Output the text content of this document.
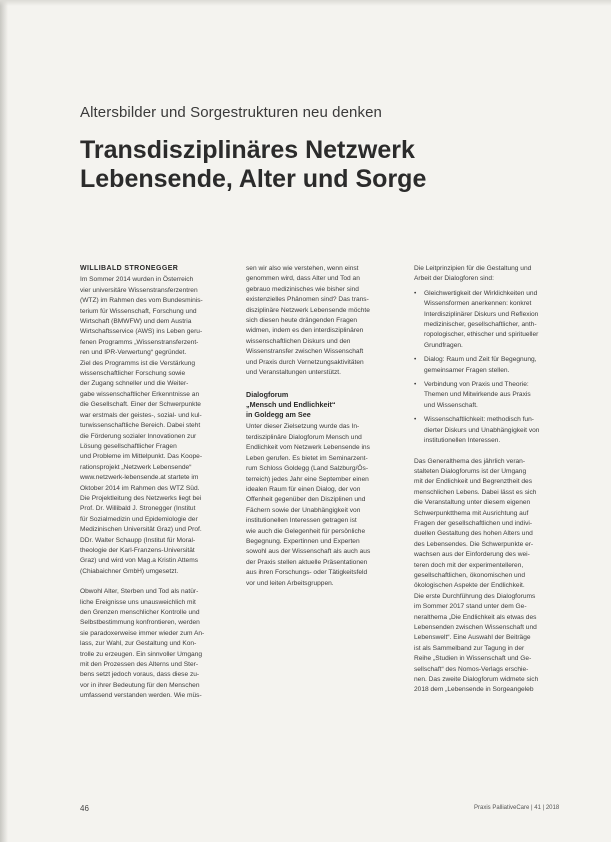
Altersbilder und Sorgestrukturen neu denken
Transdisziplinäres Netzwerk
Lebensende, Alter und Sorge
WILLIBALD STRONEGGER

Im Sommer 2014 wurden in Österreich
vier universitäre Wissenstransferzentren
(WTZ) im Rahmen des vom Bundesminis-
terium für Wissenschaft, Forschung und
Wirtschaft (BMWFW) und dem Austria
Wirtschaftsservice (AWS) ins Leben geru-
fenen Programms „Wissenstransferzent-
ren und IPR-Verwertung“ gegründet.
Ziel des Programms ist die Verstärkung
wissenschaftlicher Forschung sowie
der Zugang schneller und die Weiter-
gabe wissenschaftlicher Erkenntnisse an
die Gesellschaft. Einer der Schwerpunkte
war erstmals der geistes-, sozial- und kul-
turwissenschaftliche Bereich. Dabei steht
die Förderung sozialer Innovationen zur
Lösung gesellschaftlicher Fragen
und Probleme im Mittelpunkt. Das Koope-
rationsprojekt „Netzwerk Lebensende“
www.netzwerk-lebensende.at startete im
Oktober 2014 im Rahmen des WTZ Süd.
Die Projektleitung des Netzwerks liegt bei
Prof. Dr. Willibald J. Stronegger (Institut
für Sozialmedizin und Epidemiologie der
Medizinischen Universität Graz) und Prof.
DDr. Walter Schaupp (Institut für Moral-
theologie der Karl-Franzens-Universität
Graz) und wird von Mag.a Kristin Attems
(Chiabaichner GmbH) umgesetzt.

Obwohl Alter, Sterben und Tod als natür-
liche Ereignisse uns unausweichlich mit
den Grenzen menschlicher Kontrolle und
Selbstbestimmung konfrontieren, werden
sie paradoxerweise immer wieder zum An-
lass, zur Wahl, zur Gestaltung und Kon-
trolle zu erzeugen. Ein sinnvoller Umgang
mit den Prozessen des Alterns und Ster-
bens setzt jedoch voraus, dass diese zu-
vor in ihrer Bedeutung für den Menschen
umfassend verstanden werden. Wie müs-

sen wir also wie verstehen, wenn einst
genommen wird, dass Alter und Tod an
gebrauo medizinisches wie bisher sind
existenzielles Phänomen sind? Das trans-
disziplinäre Netzwerk Lebensende möchte
sich diesen heute drängenden Fragen
widmen, indem es den interdisziplinären
wissenschaftlichen Diskurs und den
Wissenstransfer zwischen Wissenschaft
und Praxis durch Vernetzungsaktivitäten
und Veranstaltungen unterstützt.

Dialogforum
„Mensch und Endlichkeit“
in Goldegg am See

Unter dieser Zielsetzung wurde das In-
terdisziplinäre Dialogforum Mensch und
Endlichkeit vom Netzwerk Lebensende ins
Leben gerufen. Es bietet im Seminarzent-
rum Schloss Goldegg (Land Salzburg/Ös-
terreich) jedes Jahr eine September einen
idealen Raum für einen Dialog, der von
Offenheit gegenüber den Disziplinen und
Fächern sowie der Unabhängigkeit von
institutionellen Interessen getragen ist
wie auch die Gelegenheit für persönliche
Begegnung. Expertinnen und Experten
sowohl aus der Wissenschaft als auch aus
der Praxis stellen aktuelle Präsentationen
aus ihren Forschungs- oder Tätigkeitsfeld
vor und leiten Arbeitsgruppen.

Die Leitprinzipien für die Gestaltung und
Arbeit der Dialogforen sind:

• Gleichwertigkeit der Wirklichkeiten und
Wissensformen anerkennen: konkret
Interdisziplinärer Diskurs und Reflexion
medizinischer, gesellschaftlicher, anth-
ropologischer, ethischer und spiritueller
Grundfragen.
• Dialog: Raum und Zeit für Begegnung,
gemeinsamer Fragen stellen.
• Verbindung von Praxis und Theorie:
Themen und Mitwirkende aus Praxis
und Wissenschaft.
• Wissenschaftlichkeit: methodisch fun-
dierter Diskurs und Unabhängigkeit von
institutionellen Interessen.

Das Generalthema des jährlich veran-
stalteten Dialogforums ist der Umgang
mit der Endlichkeit und Begrenztheit des
menschlichen Lebens. Dabei lässt es sich
die Veranstaltung unter diesem eigenen
Schwerpunktthema mit Ausrichtung auf
Fragen der gesellschaftlichen und indivi-
duellen Gestaltung des hohen Alters und
des Lebensendes. Die Schwerpunkte er-
wachsen aus der Einforderung des wei-
teren doch mit der experimentelleren,
gesellschaftlichen, ökonomischen und
ökologischen Aspekte der Endlichkeit.
Die erste Durchführung des Dialogforums
im Sommer 2017 stand unter dem Ge-
neralthema „Die Endlichkeit als etwas des
Lebensenden zwischen Wissenschaft und
Lebenswelt“. Eine Auswahl der Beiträge
ist als Sammelband zur Tagung in der
Reihe „Studien in Wissenschaft und Ge-
sellschaft“ des Nomos-Verlags erschie-
nen. Das zweite Dialogforum widmete sich
2018 dem „Lebensende in Sorgeangeleb

46	Praxis PalliativeCare | 41 | 2018
